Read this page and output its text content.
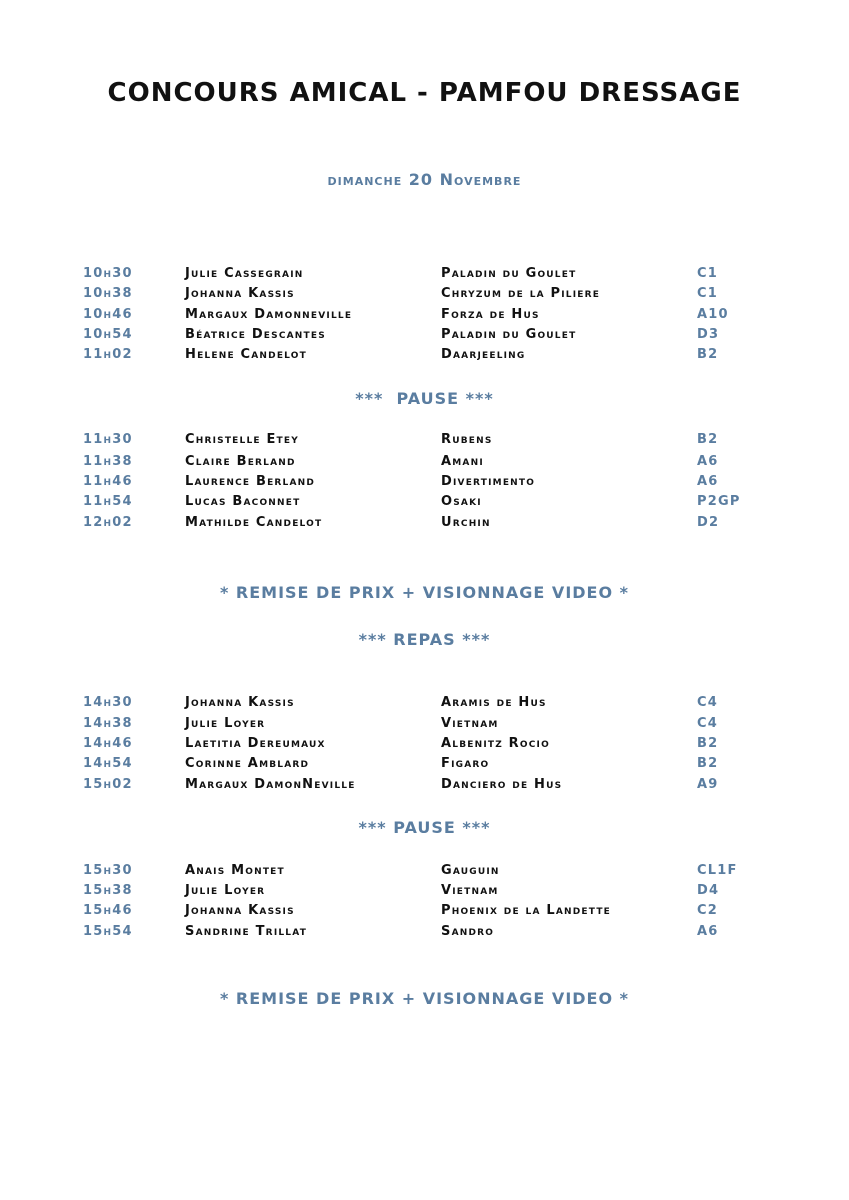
CONCOURS AMICAL - PAMFOU DRESSAGE
dimanche 20 Novembre
10h30	Julie Cassegrain	Paladin du Goulet	C1
10h38	Johanna Kassis	Chryzum de la Piliere	C1
10h46	Margaux Damonneville	Forza de Hus	A10
10h54	Béatrice Descantes	Paladin du Goulet	D3
11h02	Helene Candelot	Daarjeeling	B2
***  PAUSE ***
11h30	Christelle Etey	Rubens	B2
11h38	Claire Berland	Amani	A6
11h46	Laurence Berland	Divertimento	A6
11h54	Lucas Baconnet	Osaki	P2GP
12h02	Mathilde Candelot	Urchin	D2
* REMISE DE PRIX + VISIONNAGE VIDEO *
*** REPAS ***
14h30	Johanna Kassis	Aramis de Hus	C4
14h38	Julie Loyer	Vietnam	C4
14h46	Laetitia Dereumaux	Albenitz Rocio	B2
14h54	Corinne Amblard	Figaro	B2
15h02	Margaux DamonNeville	Danciero de Hus	A9
*** PAUSE ***
15h30	Anais Montet	Gauguin	CL1F
15h38	Julie Loyer	Vietnam	D4
15h46	Johanna Kassis	Phoenix de la Landette	C2
15h54	Sandrine Trillat	Sandro	A6
* REMISE DE PRIX + VISIONNAGE VIDEO *
